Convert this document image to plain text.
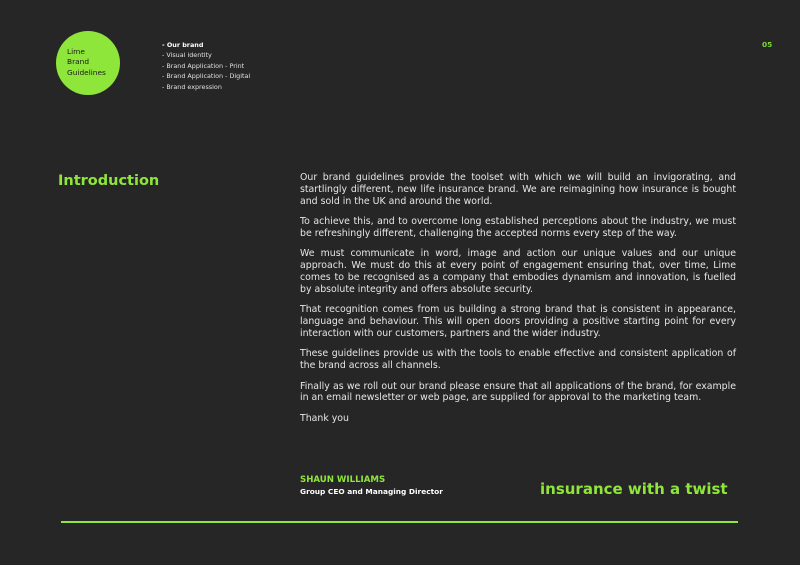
Lime
Brand
Guidelines
- Our brand
- Visual identity
- Brand Application - Print
- Brand Application - Digital
- Brand expression
05
Introduction	Our brand guidelines provide the toolset with which we will build an invigorating, and startlingly different, new life insurance brand. We are reimagining how insurance is bought and sold in the UK and around the world.

To achieve this, and to overcome long established perceptions about the industry, we must be refreshingly different, challenging the accepted norms every step of the way.

We must communicate in word, image and action our unique values and our unique approach. We must do this at every point of engagement ensuring that, over time, Lime comes to be recognised as a company that embodies dynamism and innovation, is fuelled by absolute integrity and offers absolute security.

That recognition comes from us building a strong brand that is consistent in appearance, language and behaviour. This will open doors providing a positive starting point for every interaction with our customers, partners and the wider industry.

These guidelines provide us with the tools to enable effective and consistent application of the brand across all channels.

Finally as we roll out our brand please ensure that all applications of the brand, for example in an email newsletter or web page, are supplied for approval to the marketing team.

Thank you

SHAUN WILLIAMS
Group CEO and Managing Director	insurance with a twist
